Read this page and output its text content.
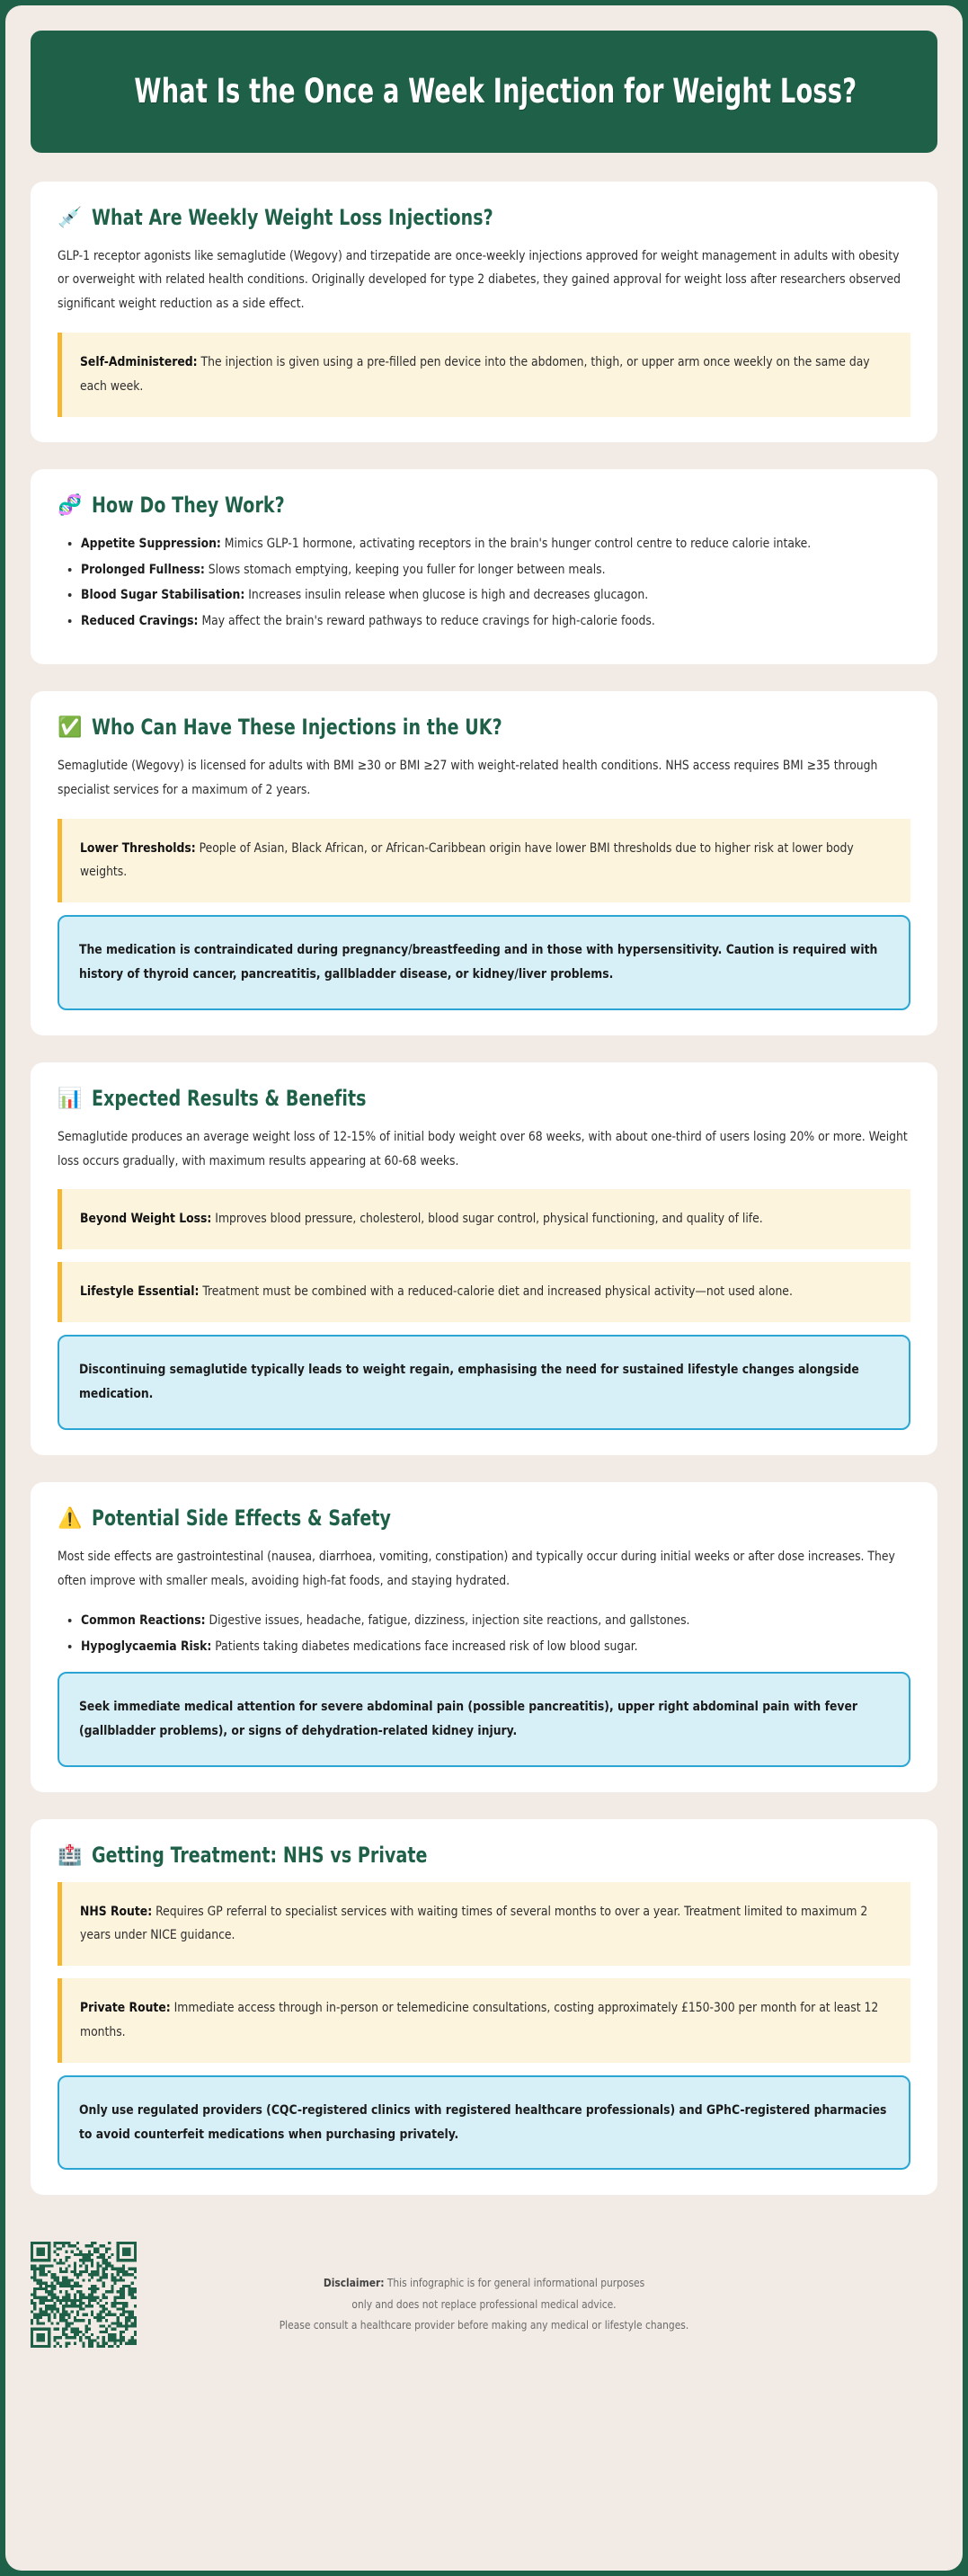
What Is the Once a Week Injection for Weight Loss?
💉 What Are Weekly Weight Loss Injections?

GLP-1 receptor agonists like semaglutide (Wegovy) and tirzepatide are once-weekly injections approved for weight management in adults with obesity or overweight with related health conditions. Originally developed for type 2 diabetes, they gained approval for weight loss after researchers observed significant weight reduction as a side effect.

Self-Administered: The injection is given using a pre-filled pen device into the abdomen, thigh, or upper arm once weekly on the same day each week.
🧬 How Do They Work?
• Appetite Suppression: Mimics GLP-1 hormone, activating receptors in the brain's hunger control centre to reduce calorie intake.
• Prolonged Fullness: Slows stomach emptying, keeping you fuller for longer between meals.
• Blood Sugar Stabilisation: Increases insulin release when glucose is high and decreases glucagon.
• Reduced Cravings: May affect the brain's reward pathways to reduce cravings for high-calorie foods.
✅ Who Can Have These Injections in the UK?

Semaglutide (Wegovy) is licensed for adults with BMI ≥30 or BMI ≥27 with weight-related health conditions. NHS access requires BMI ≥35 through specialist services for a maximum of 2 years.

Lower Thresholds: People of Asian, Black African, or African-Caribbean origin have lower BMI thresholds due to higher risk at lower body weights.
The medication is contraindicated during pregnancy/breastfeeding and in those with hypersensitivity. Caution is required with history of thyroid cancer, pancreatitis, gallbladder disease, or kidney/liver problems.
📊 Expected Results & Benefits

Semaglutide produces an average weight loss of 12-15% of initial body weight over 68 weeks, with about one-third of users losing 20% or more. Weight loss occurs gradually, with maximum results appearing at 60-68 weeks.

Beyond Weight Loss: Improves blood pressure, cholesterol, blood sugar control, physical functioning, and quality of life.
Lifestyle Essential: Treatment must be combined with a reduced-calorie diet and increased physical activity—not used alone.
Discontinuing semaglutide typically leads to weight regain, emphasising the need for sustained lifestyle changes alongside medication.
⚠️ Potential Side Effects & Safety

Most side effects are gastrointestinal (nausea, diarrhoea, vomiting, constipation) and typically occur during initial weeks or after dose increases. They often improve with smaller meals, avoiding high-fat foods, and staying hydrated.

• Common Reactions: Digestive issues, headache, fatigue, dizziness, injection site reactions, and gallstones.
• Hypoglycaemia Risk: Patients taking diabetes medications face increased risk of low blood sugar.
Seek immediate medical attention for severe abdominal pain (possible pancreatitis), upper right abdominal pain with fever (gallbladder problems), or signs of dehydration-related kidney injury.
🏥 Getting Treatment: NHS vs Private
NHS Route: Requires GP referral to specialist services with waiting times of several months to over a year. Treatment limited to maximum 2 years under NICE guidance.
Private Route: Immediate access through in-person or telemedicine consultations, costing approximately £150-300 per month for at least 12 months.
Only use regulated providers (CQC-registered clinics with registered healthcare professionals) and GPhC-registered pharmacies to avoid counterfeit medications when purchasing privately.
Disclaimer: This infographic is for general informational purposes
only and does not replace professional medical advice.
Please consult a healthcare provider before making any medical or lifestyle changes.
